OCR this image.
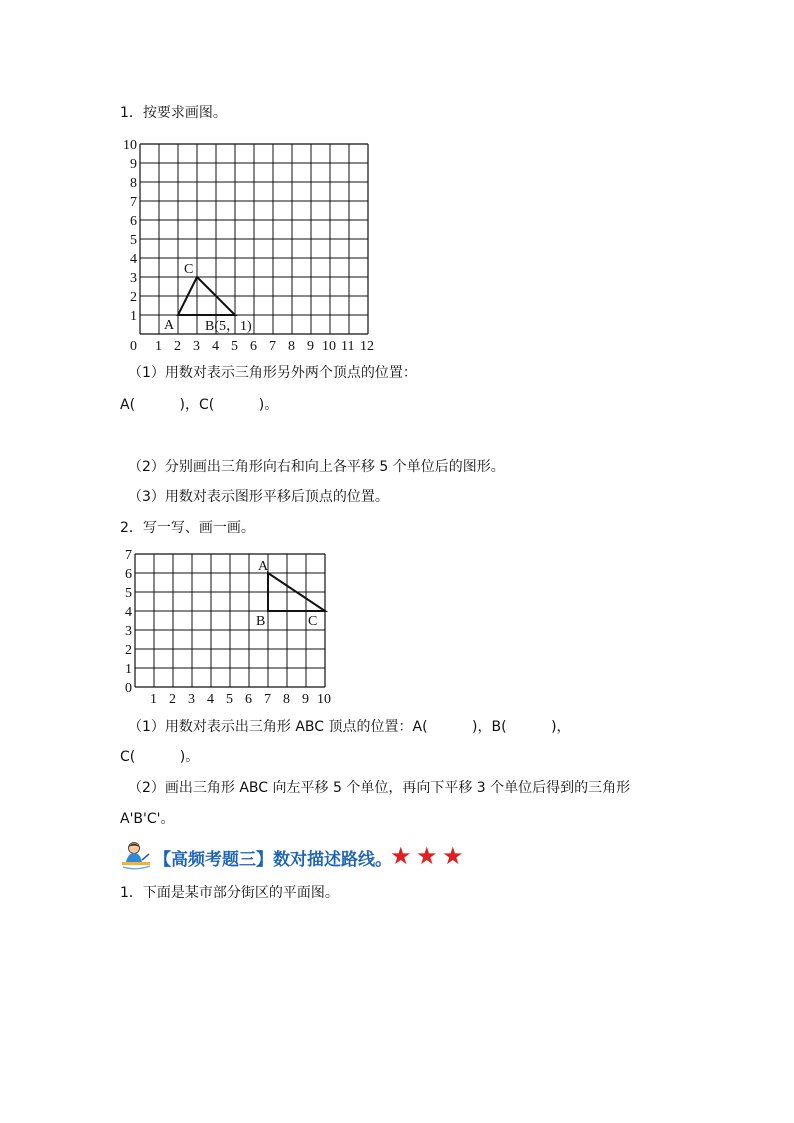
1．按要求画图。
0 1 2 3 4 5 6 7 8 9 10 11 12
1
2
3
4
5
6
7
8
9
10
C
A B(5，1)
（1）用数对表示三角形另外两个顶点的位置：
A(          )，C(          )。
（2）分别画出三角形向右和向上各平移 5 个单位后的图形。
（3）用数对表示图形平移后顶点的位置。
2．写一写、画一画。
1 2 3 4 5 6 7 8 9 10
1
2
3
4
5
6
7
0
A
B	C
（1）用数对表示出三角形 ABC 顶点的位置：A(          )，B(          )，
C(          )。
（2）画出三角形 ABC 向左平移 5 个单位，再向下平移 3 个单位后得到的三角形
A'B'C'。
【高频考题三】数对描述路线。
★ ★ ★
1．下面是某市部分街区的平面图。
